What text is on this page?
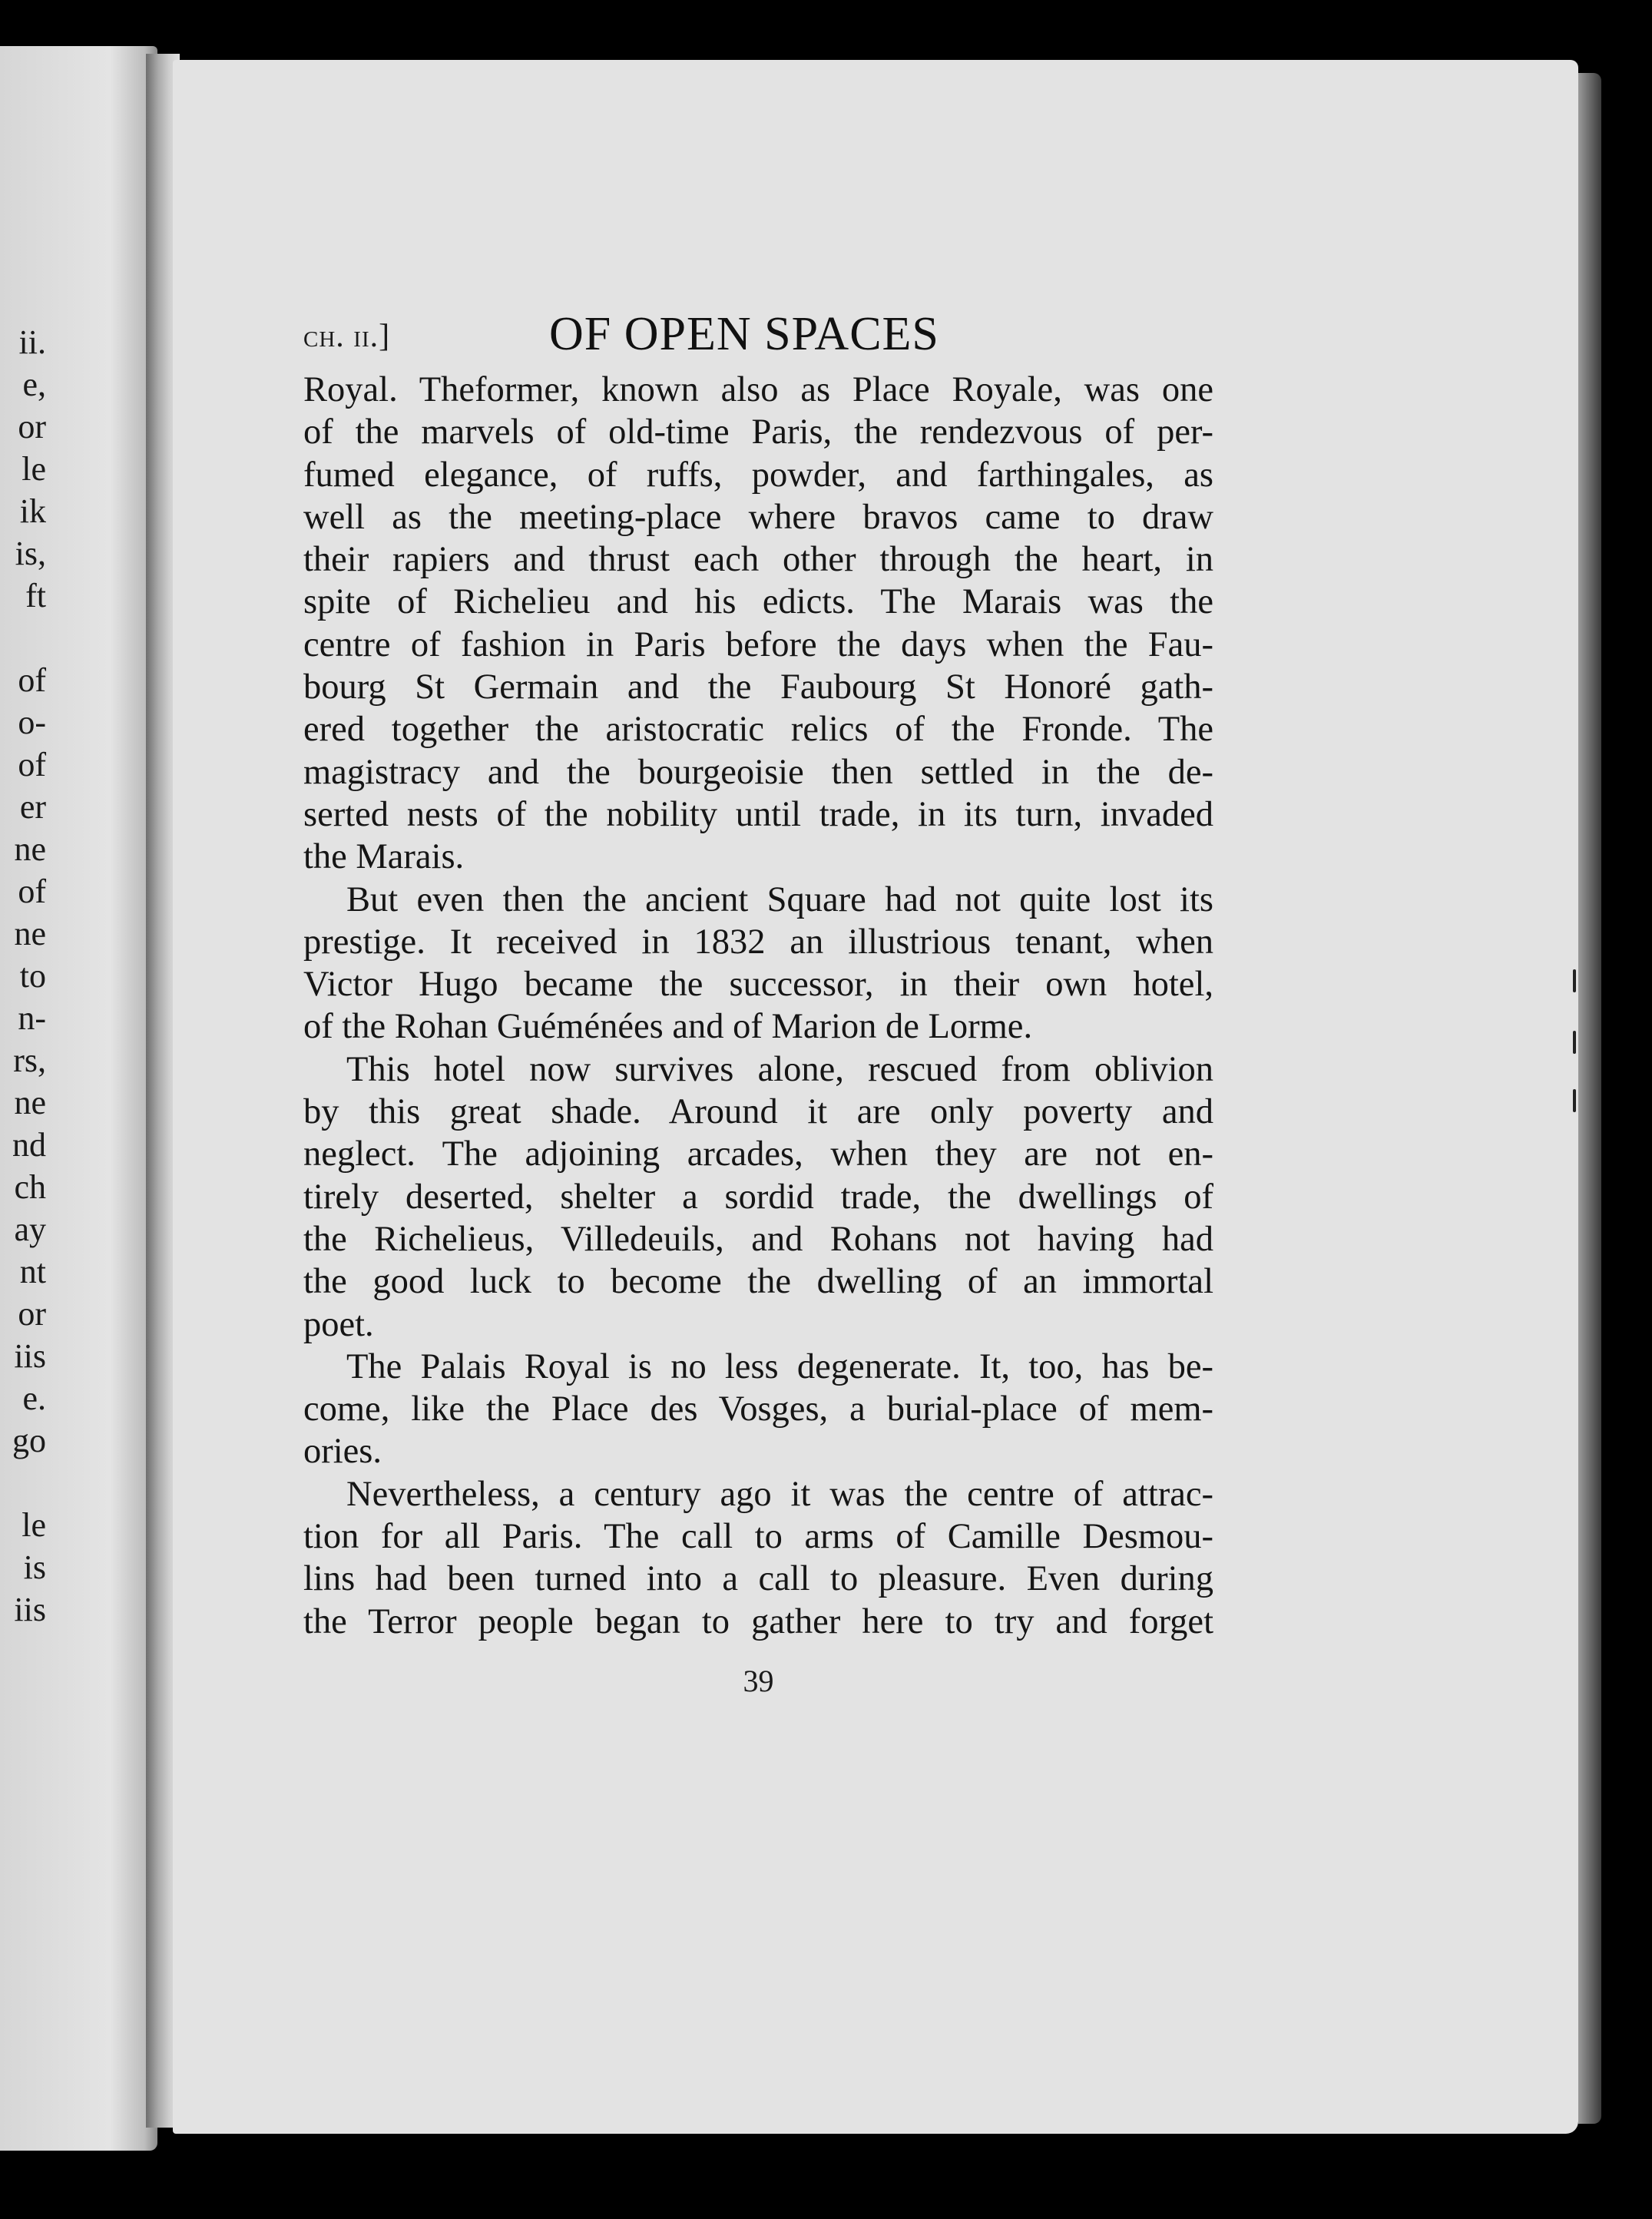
ii.
e,
or
le
ik
is,
ft
of
o-
of
er
ne
of
ne
to
n-
rs,
ne
nd
ch
ay
nt
or
iis
e.
go
le
is
iis
ch. ii.]	OF OPEN SPACES
Royal. Theformer, known also as Place Royale, was one
of the marvels of old-time Paris, the rendezvous of per-
fumed elegance, of ruffs, powder, and farthingales, as
well as the meeting-place where bravos came to draw
their rapiers and thrust each other through the heart, in
spite of Richelieu and his edicts. The Marais was the
centre of fashion in Paris before the days when the Fau-
bourg St Germain and the Faubourg St Honoré gath-
ered together the aristocratic relics of the Fronde. The
magistracy and the bourgeoisie then settled in the de-
serted nests of the nobility until trade, in its turn, invaded
the Marais.
But even then the ancient Square had not quite lost its
prestige. It received in 1832 an illustrious tenant, when
Victor Hugo became the successor, in their own hotel,
of the Rohan Guéménées and of Marion de Lorme.
This hotel now survives alone, rescued from oblivion
by this great shade. Around it are only poverty and
neglect. The adjoining arcades, when they are not en-
tirely deserted, shelter a sordid trade, the dwellings of
the Richelieus, Villedeuils, and Rohans not having had
the good luck to become the dwelling of an immortal
poet.
The Palais Royal is no less degenerate. It, too, has be-
come, like the Place des Vosges, a burial-place of mem-
ories.
Nevertheless, a century ago it was the centre of attrac-
tion for all Paris. The call to arms of Camille Desmou-
lins had been turned into a call to pleasure. Even during
the Terror people began to gather here to try and forget
39
